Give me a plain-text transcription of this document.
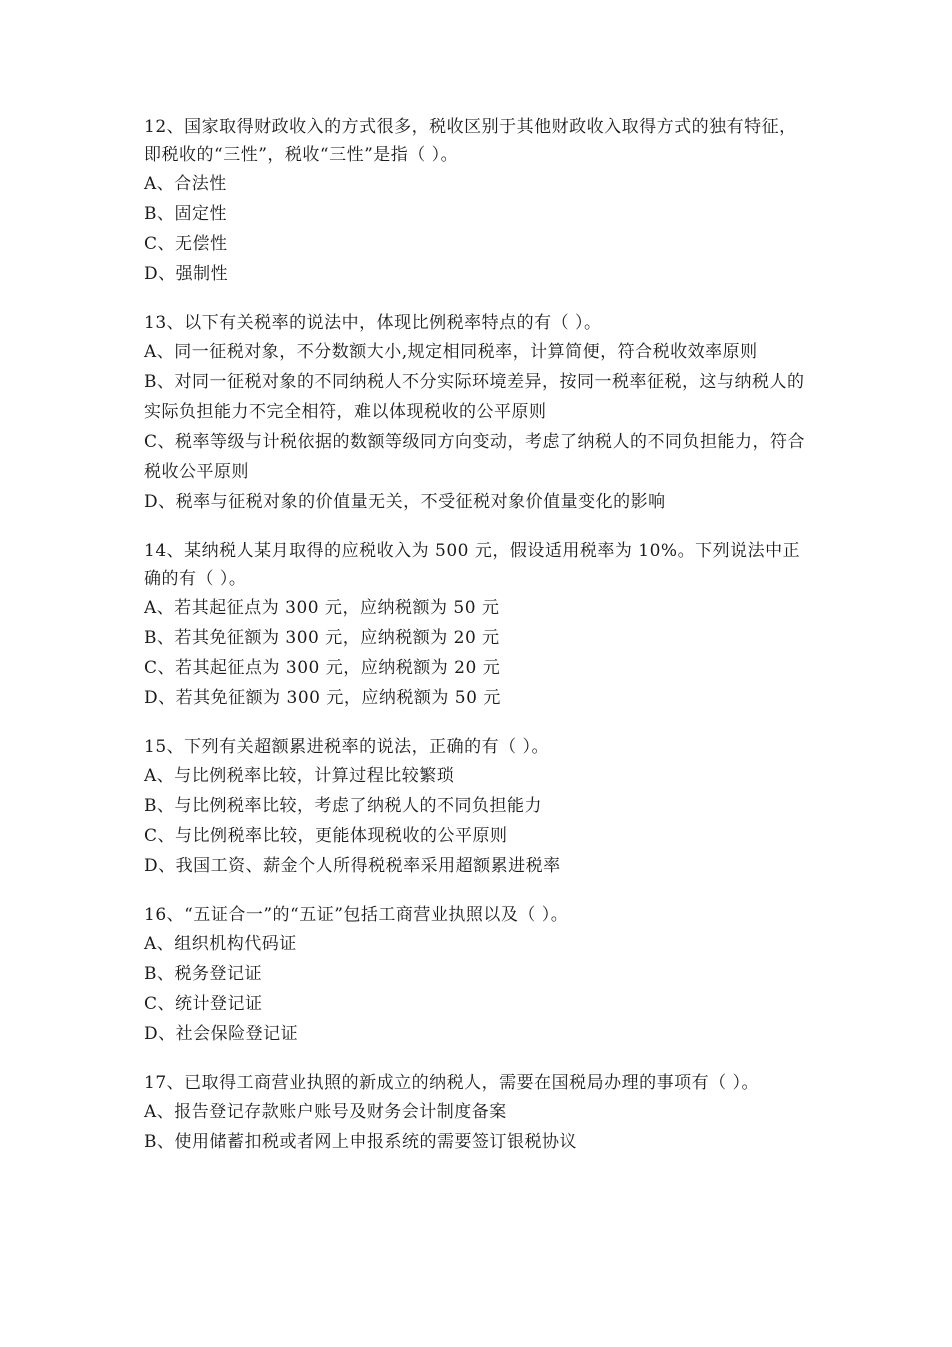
12、国家取得财政收入的方式很多，税收区别于其他财政收入取得方式的独有特征，即税收的“三性”，税收“三性”是指（ ）。

A、合法性

B、固定性

C、无偿性

D、强制性

13、以下有关税率的说法中，体现比例税率特点的有（ ）。

A、同一征税对象，不分数额大小,规定相同税率，计算简便，符合税收效率原则

B、对同一征税对象的不同纳税人不分实际环境差异，按同一税率征税，这与纳税人的实际负担能力不完全相符，难以体现税收的公平原则

C、税率等级与计税依据的数额等级同方向变动，考虑了纳税人的不同负担能力，符合税收公平原则

D、税率与征税对象的价值量无关，不受征税对象价值量变化的影响

14、某纳税人某月取得的应税收入为 500 元，假设适用税率为 10%。下列说法中正确的有（ ）。

A、若其起征点为 300 元，应纳税额为 50 元

B、若其免征额为 300 元，应纳税额为 20 元

C、若其起征点为 300 元，应纳税额为 20 元

D、若其免征额为 300 元，应纳税额为 50 元

15、下列有关超额累进税率的说法，正确的有（ ）。

A、与比例税率比较，计算过程比较繁琐

B、与比例税率比较，考虑了纳税人的不同负担能力

C、与比例税率比较，更能体现税收的公平原则

D、我国工资、薪金个人所得税税率采用超额累进税率

16、“五证合一”的“五证”包括工商营业执照以及（ ）。

A、组织机构代码证

B、税务登记证

C、统计登记证

D、社会保险登记证

17、已取得工商营业执照的新成立的纳税人，需要在国税局办理的事项有（ ）。

A、报告登记存款账户账号及财务会计制度备案

B、使用储蓄扣税或者网上申报系统的需要签订银税协议
